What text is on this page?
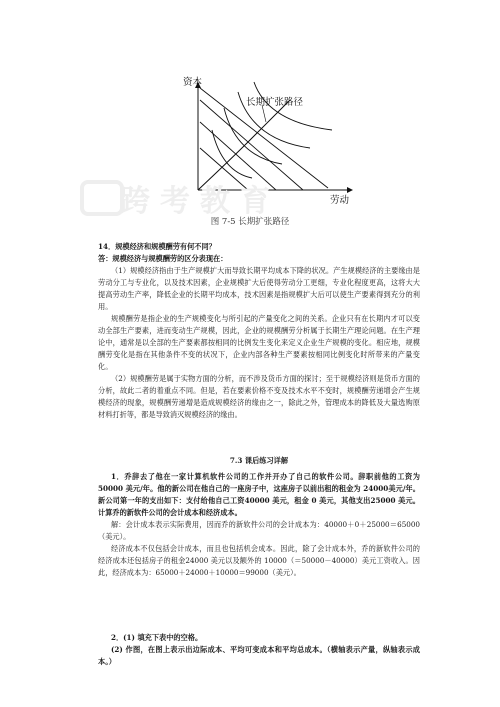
资本
长期扩张路径
劳动
跨考教育
图 7-5 长期扩张路径

14．规模经济和规模酬劳有何不同？

答：规模经济与规模酬劳的区分表现在：

（1）规模经济指由于生产规模扩大而导致长期平均成本下降的状况。产生规模经济的主要缘由是劳动分工与专业化，以及技术因素，企业规模扩大后使得劳动分工更细，专业化程度更高，这将大大提高劳动生产率，降低企业的长期平均成本，技术因素是指规模扩大后可以使生产要素得到充分的利用。

规模酬劳是指企业的生产规模变化与所引起的产量变化之间的关系。企业只有在长期内才可以变动全部生产要素，进而变动生产规模，因此，企业的规模酬劳分析属于长期生产理论问题。在生产理论中，通常是以全部的生产要素都按相同的比例发生变化来定义企业生产规模的变化。相应地，规模酬劳变化是指在其他条件不变的状况下，企业内部各种生产要素按相同比例变化时所带来的产量变化。

（2）规模酬劳是属于实物方面的分析，而不涉及货币方面的探讨；至于规模经济则是货币方面的分析，故此二者的着重点不同。但是，若在要素价格不变及技术水平不变时，规模酬劳递增会产生规模经济的现象，规模酬劳递增是造成规模经济的缘由之一，除此之外，管理成本的降低及大量选购原材料打折等，都是导致消灭规模经济的缘由。

7.3 课后练习详解

1．乔辞去了他在一家计算机软件公司的工作并开办了自己的软件公司。辞职前他的工资为 50000 美元/年。他的新公司在他自己的一座房子中，这座房子以前出租的租金为 24000美元/年。新公司第一年的支出如下：支付给他自己工资40000 美元，租金 0 美元，其他支出25000 美元。计算乔的新软件公司的会计成本和经济成本。

解：会计成本表示实际费用，因而乔的新软件公司的会计成本为：40000＋0＋25000＝65000（美元）。

经济成本不仅包括会计成本，而且也包括机会成本。因此，除了会计成本外，乔的新软件公司的经济成本还包括房子的租金24000 美元以及额外的 10000（＝50000－40000）美元工资收入。因此，经济成本为：65000＋24000＋10000＝99000（美元）。

2．(1) 填充下表中的空格。

(2) 作图，在图上表示出边际成本、平均可变成本和平均总成本。（横轴表示产量，纵轴表示成本。）
